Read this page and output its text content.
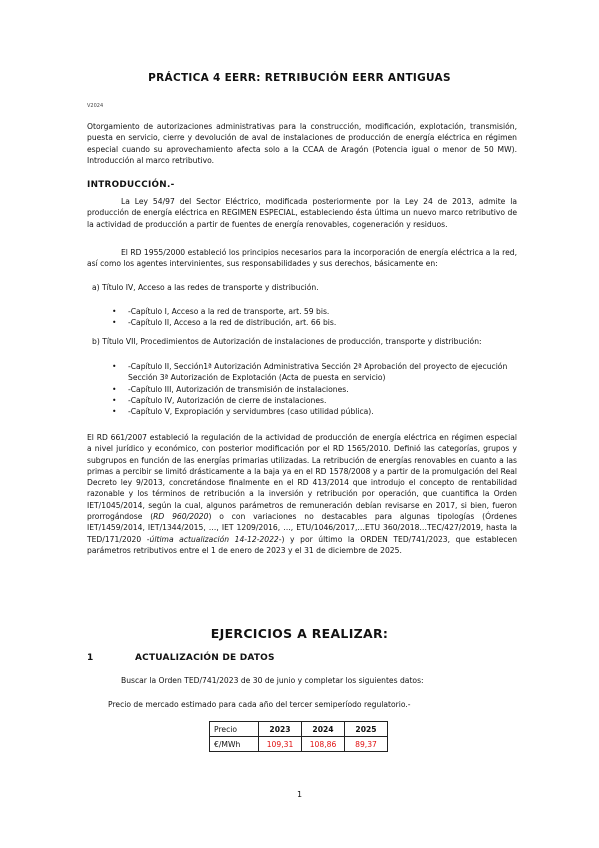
PRÁCTICA 4 EERR: RETRIBUCIÓN EERR ANTIGUAS
V2024
Otorgamiento de autorizaciones administrativas para la construcción, modificación, explotación, transmisión, puesta en servicio, cierre y devolución de aval de instalaciones de producción de energía eléctrica en régimen especial cuando su aprovechamiento afecta solo a la CCAA de Aragón (Potencia igual o menor de 50 MW). Introducción al marco retributivo.
INTRODUCCIÓN.-
La Ley 54/97 del Sector Eléctrico, modificada posteriormente por la Ley 24 de 2013, admite la producción de energía eléctrica en REGIMEN ESPECIAL, estableciendo ésta última un nuevo marco retributivo de la actividad de producción a partir de fuentes de energía renovables, cogeneración y residuos.
El RD 1955/2000 estableció los principios necesarios para la incorporación de energía eléctrica a la red, así como los agentes intervinientes, sus responsabilidades y sus derechos, básicamente en:
a) Título IV, Acceso a las redes de transporte y distribución.
• -Capítulo I, Acceso a la red de transporte, art. 59 bis.
• -Capítulo II, Acceso a la red de distribución, art. 66 bis.
b) Título VII, Procedimientos de Autorización de instalaciones de producción, transporte y distribución:
• -Capítulo II, Sección1ª Autorización Administrativa Sección 2ª Aprobación del proyecto de ejecución Sección 3ª Autorización de Explotación (Acta de puesta en servicio)
• -Capítulo III, Autorización de transmisión de instalaciones.
• -Capítulo IV, Autorización de cierre de instalaciones.
• -Capítulo V, Expropiación y servidumbres (caso utilidad pública).
El RD 661/2007 estableció la regulación de la actividad de producción de energía eléctrica en régimen especial a nivel jurídico y económico, con posterior modificación por el RD 1565/2010. Definió las categorías, grupos y subgrupos en función de las energías primarias utilizadas. La retribución de energías renovables en cuanto a las primas a percibir se limitó drásticamente a la baja ya en el RD 1578/2008 y a partir de la promulgación del Real Decreto ley 9/2013, concretándose finalmente en el RD 413/2014 que introdujo el concepto de rentabilidad razonable y los términos de retribución a la inversión y retribución por operación, que cuantifica la Orden IET/1045/2014, según la cual, algunos parámetros de remuneración debían revisarse en 2017, si bien, fueron prorrogándose (RD 960/2020) o con variaciones no destacables para algunas tipologías (Órdenes IET/1459/2014, IET/1344/2015, …, IET 1209/2016, …, ETU/1046/2017,…ETU 360/2018…TEC/427/2019, hasta la TED/171/2020 -última actualización 14-12-2022-) y por último la ORDEN TED/741/2023, que establecen parámetros retributivos entre el 1 de enero de 2023 y el 31 de diciembre de 2025.
EJERCICIOS A REALIZAR:
1	ACTUALIZACIÓN DE DATOS
Buscar la Orden TED/741/2023 de 30 de junio y completar los siguientes datos:
Precio de mercado estimado para cada año del tercer semiperíodo regulatorio.-
Precio	2023	2024	2025
€/MWh	109,31	108,86	89,37
1
